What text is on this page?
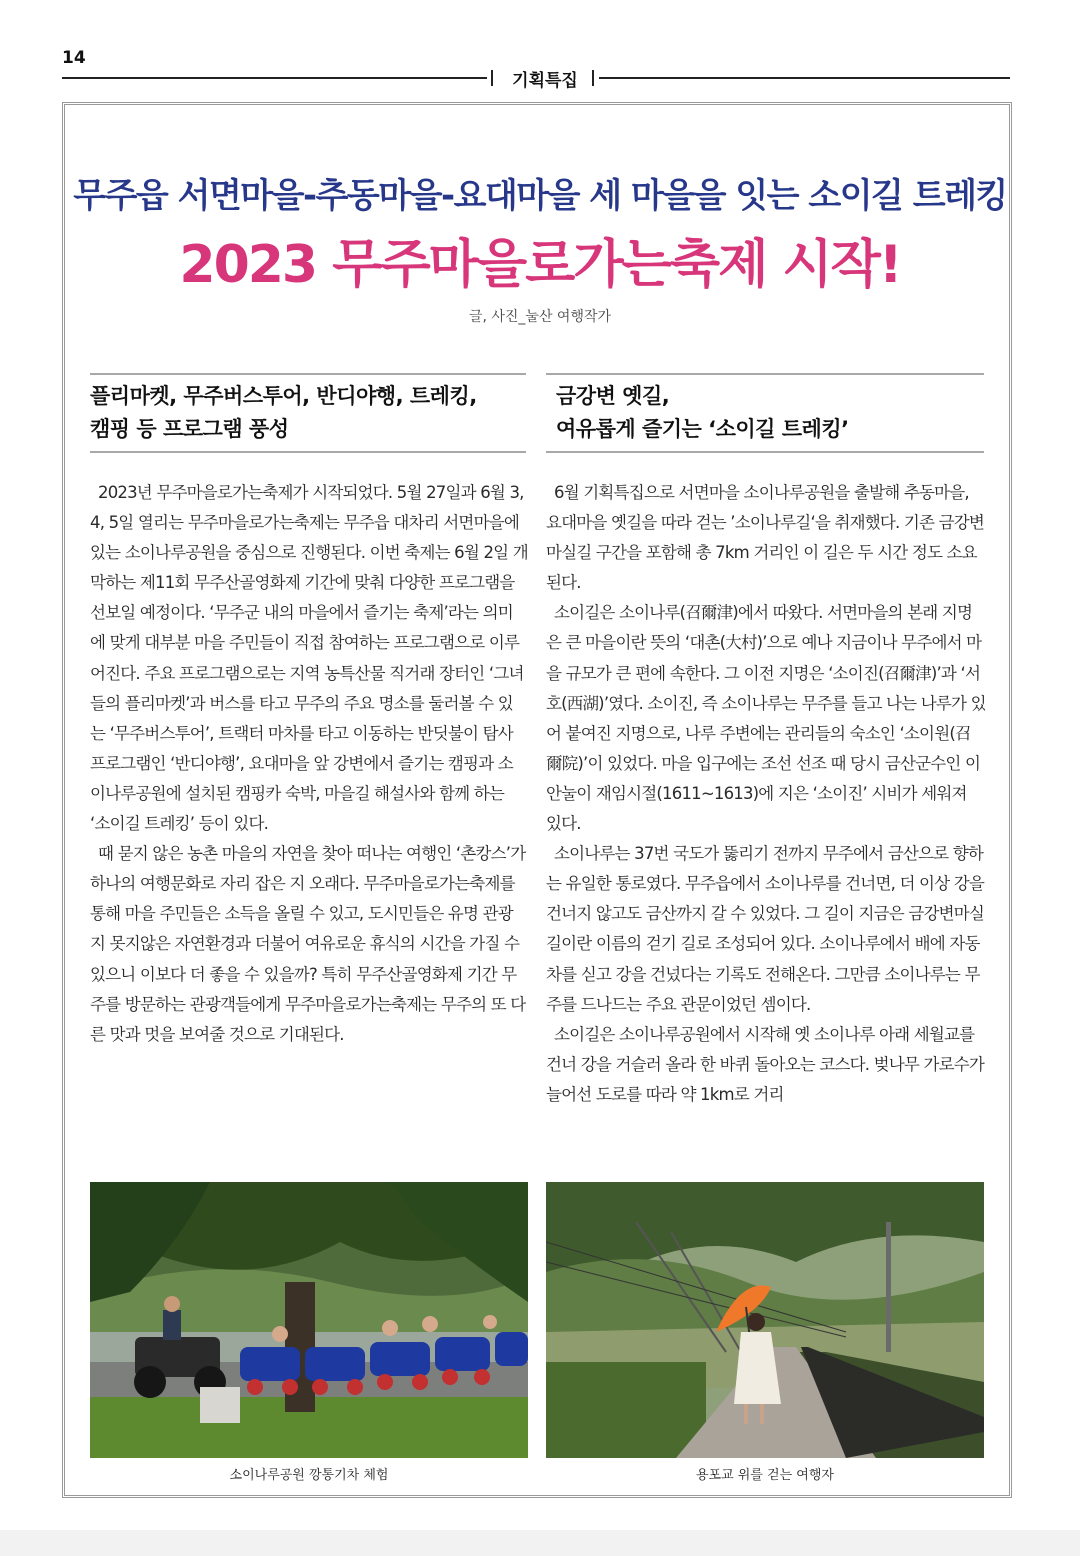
14
기획특집
무주읍 서면마을-추동마을-요대마을 세 마을을 잇는 소이길 트레킹
2023 무주마을로가는축제 시작!
글, 사진_눌산 여행작가
플리마켓, 무주버스투어, 반디야행, 트레킹,
캠핑 등 프로그램 풍성

2023년 무주마을로가는축제가 시작되었다. 5월 27일과 6월 3, 4, 5일 열리는 무주마을로가는축제는 무주읍 대차리 서면마을에 있는 소이나루공원을 중심으로 진행된다. 이번 축제는 6월 2일 개막하는 제11회 무주산골영화제 기간에 맞춰 다양한 프로그램을 선보일 예정이다. ‘무주군 내의 마을에서 즐기는 축제’라는 의미에 맞게 대부분 마을 주민들이 직접 참여하는 프로그램으로 이루어진다. 주요 프로그램으로는 지역 농특산물 직거래 장터인 ‘그녀들의 플리마켓’과 버스를 타고 무주의 주요 명소를 둘러볼 수 있는 ‘무주버스투어’, 트랙터 마차를 타고 이동하는 반딧불이 탐사 프로그램인 ‘반디야행’, 요대마을 앞 강변에서 즐기는 캠핑과 소이나루공원에 설치된 캠핑카 숙박, 마을길 해설사와 함께 하는 ‘소이길 트레킹’ 등이 있다.

때 묻지 않은 농촌 마을의 자연을 찾아 떠나는 여행인 ‘촌캉스’가 하나의 여행문화로 자리 잡은 지 오래다. 무주마을로가는축제를 통해 마을 주민들은 소득을 올릴 수 있고, 도시민들은 유명 관광지 못지않은 자연환경과 더불어 여유로운 휴식의 시간을 가질 수 있으니 이보다 더 좋을 수 있을까? 특히 무주산골영화제 기간 무주를 방문하는 관광객들에게 무주마을로가는축제는 무주의 또 다른 맛과 멋을 보여줄 것으로 기대된다.

금강변 옛길,
여유롭게 즐기는 ‘소이길 트레킹’

6월 기획특집으로 서면마을 소이나루공원을 출발해 추동마을, 요대마을 옛길을 따라 걷는 ’소이나루길‘을 취재했다. 기존 금강변마실길 구간을 포함해 총 7km 거리인 이 길은 두 시간 정도 소요된다.

소이길은 소이나루(召爾津)에서 따왔다. 서면마을의 본래 지명은 큰 마을이란 뜻의 ‘대촌(大村)’으로 예나 지금이나 무주에서 마을 규모가 큰 편에 속한다. 그 이전 지명은 ‘소이진(召爾津)’과 ‘서호(西湖)’였다. 소이진, 즉 소이나루는 무주를 들고 나는 나루가 있어 붙여진 지명으로, 나루 주변에는 관리들의 숙소인 ‘소이원(召爾院)’이 있었다. 마을 입구에는 조선 선조 때 당시 금산군수인 이안눌이 재임시절(1611~1613)에 지은 ‘소이진’ 시비가 세워져 있다.

소이나루는 37번 국도가 뚫리기 전까지 무주에서 금산으로 향하는 유일한 통로였다. 무주읍에서 소이나루를 건너면, 더 이상 강을 건너지 않고도 금산까지 갈 수 있었다. 그 길이 지금은 금강변마실길이란 이름의 걷기 길로 조성되어 있다. 소이나루에서 배에 자동차를 싣고 강을 건넜다는 기록도 전해온다. 그만큼 소이나루는 무주를 드나드는 주요 관문이었던 셈이다.

소이길은 소이나루공원에서 시작해 옛 소이나루 아래 세월교를 건너 강을 거슬러 올라 한 바퀴 돌아오는 코스다. 벚나무 가로수가 늘어선 도로를 따라 약 1km로 거리

소이나루공원 깡통기차 체험	용포교 위를 걷는 여행자
